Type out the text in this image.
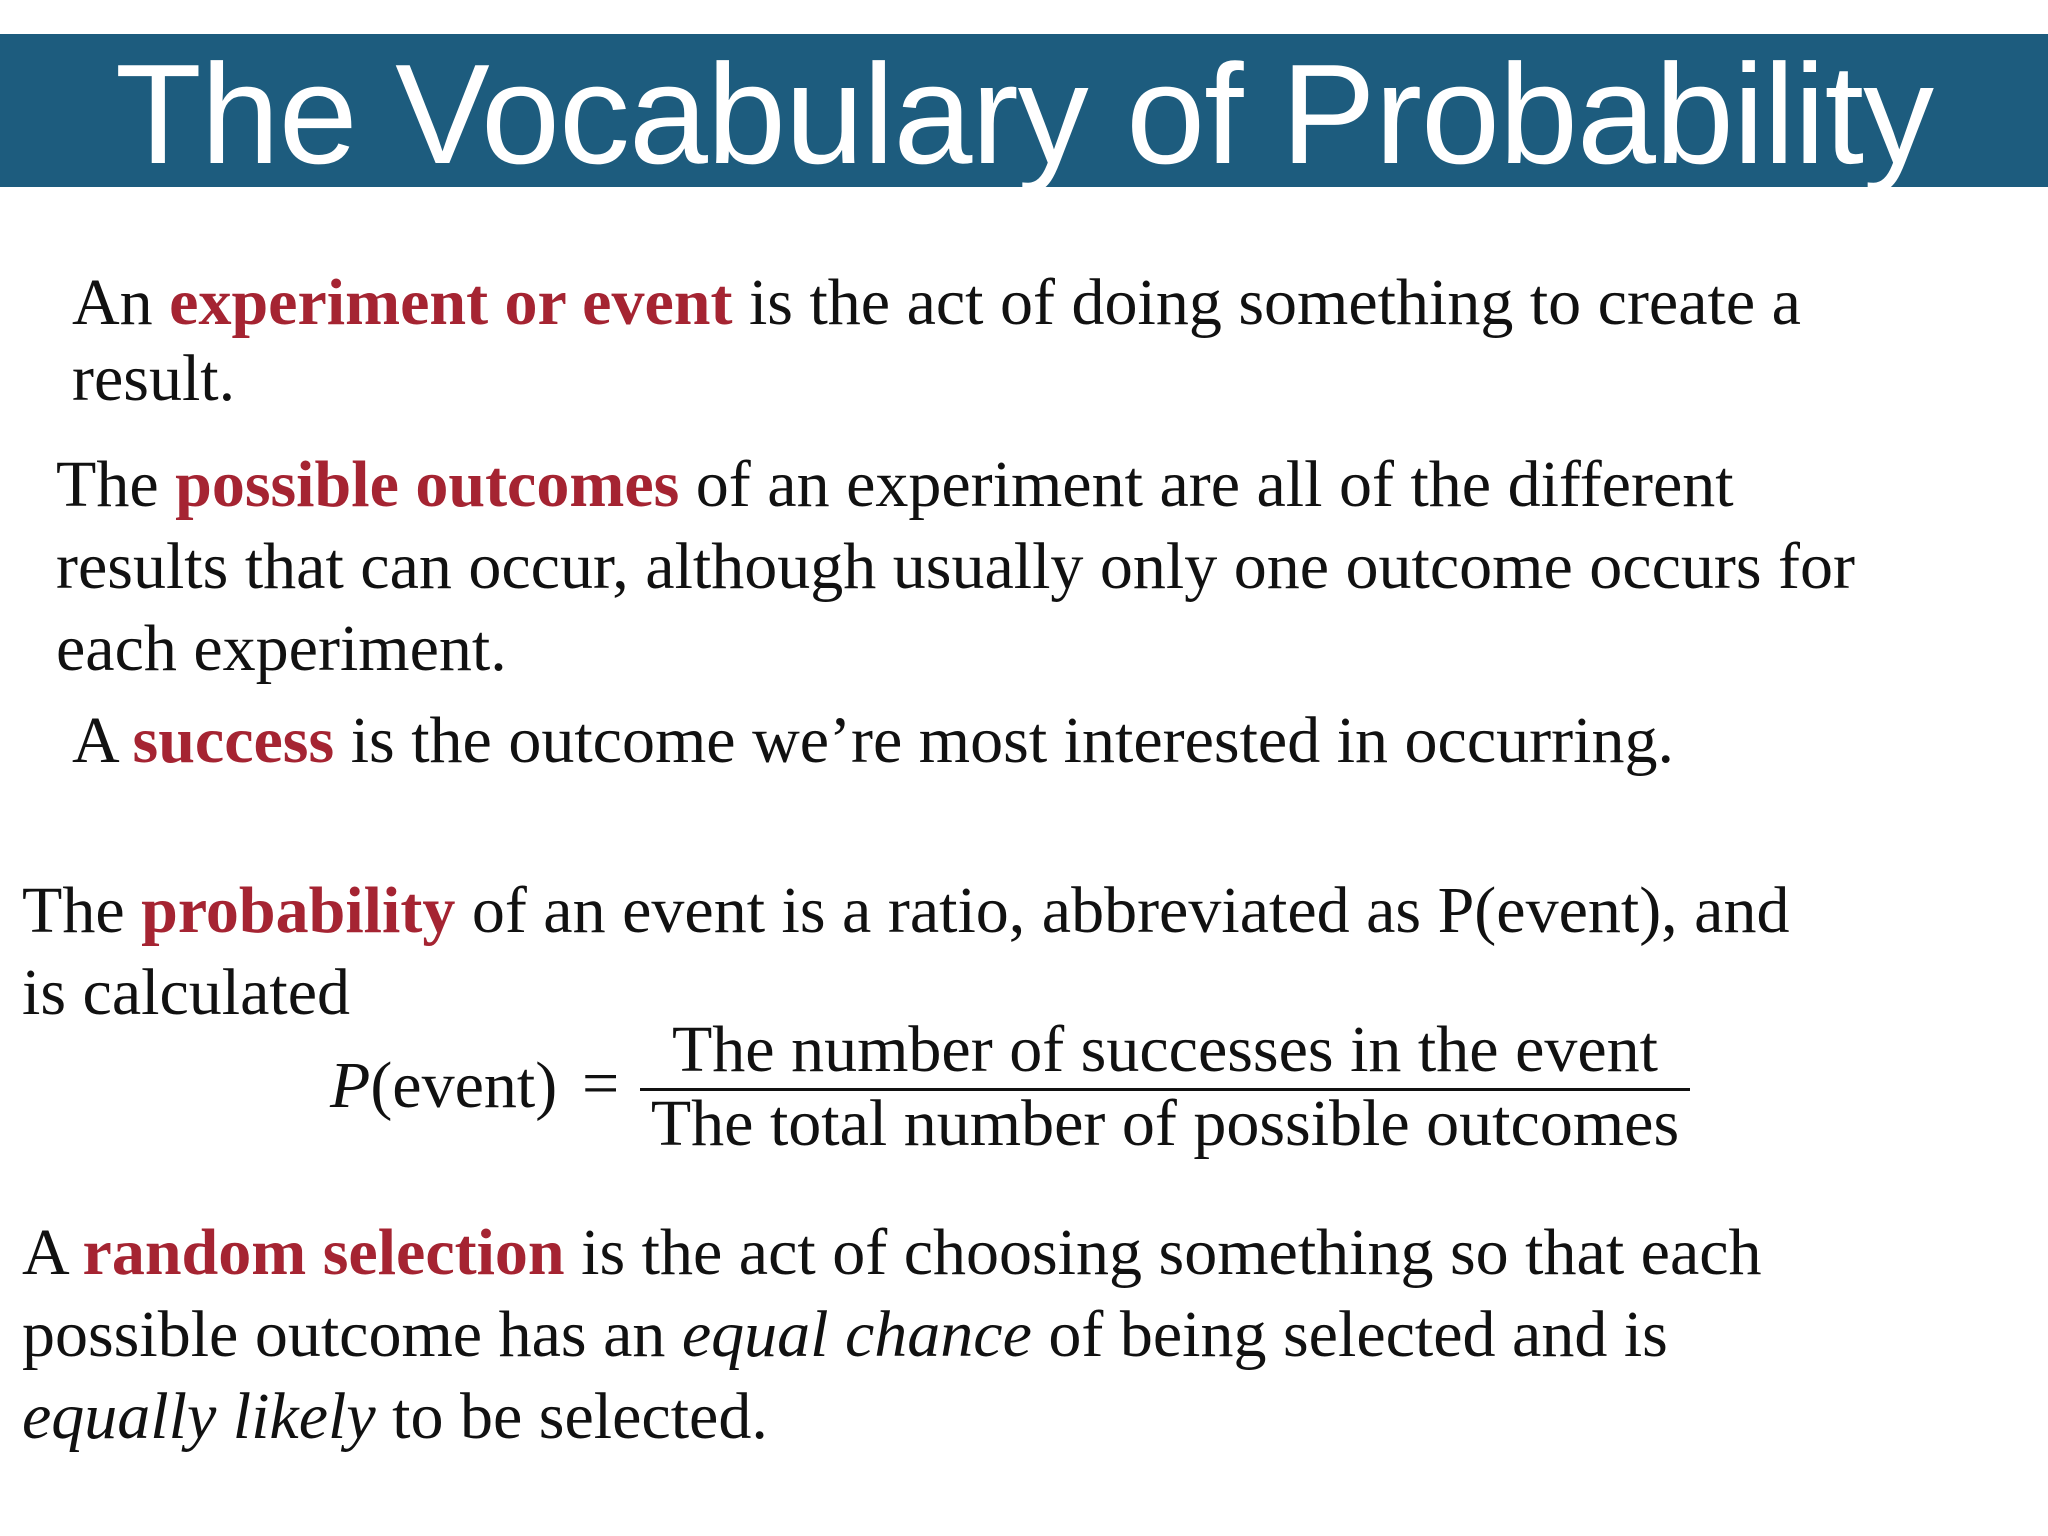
The Vocabulary of Probability

An experiment or event is the act of doing something to create a

result.

The possible outcomes of an experiment are all of the different

results that can occur, although usually only one outcome occurs for

each experiment.

A success is the outcome we’re most interested in occurring.

The probability of an event is a ratio, abbreviated as P(event), and

is calculated

P(event) = The number of successes in the event
The total number of possible outcomes

A random selection is the act of choosing something so that each

possible outcome has an equal chance of being selected and is

equally likely to be selected.
